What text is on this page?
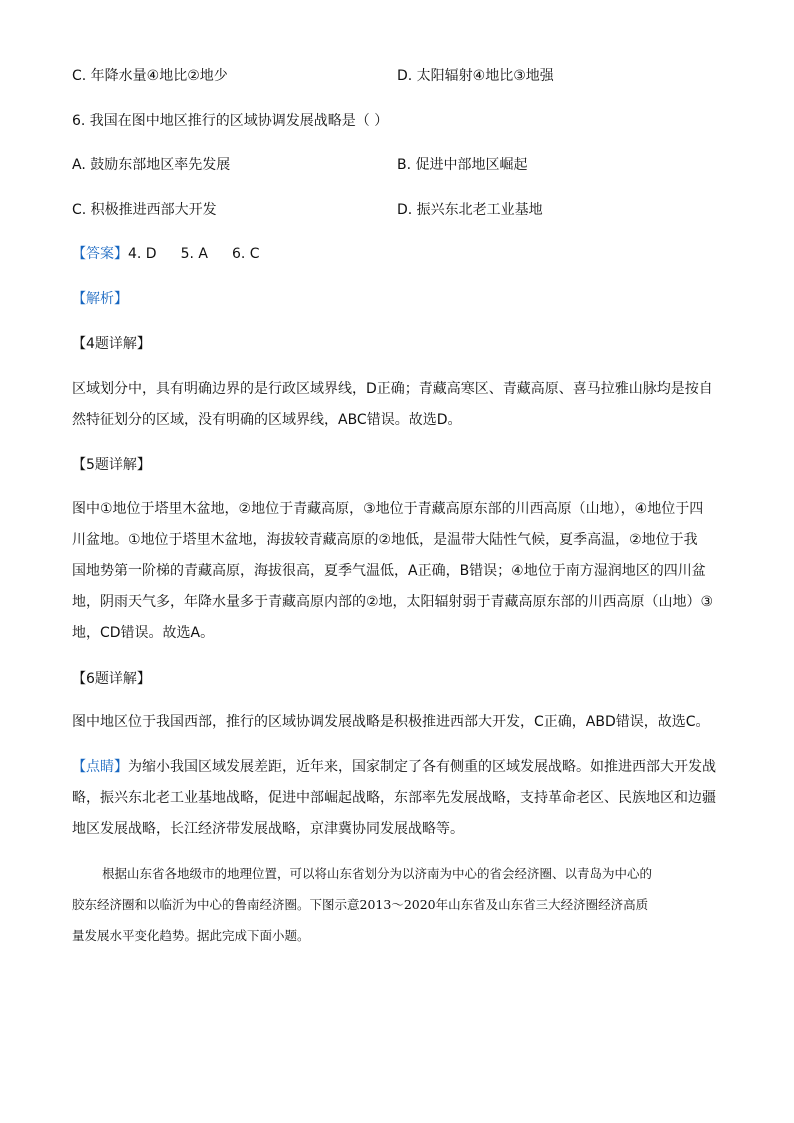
C. 年降水量④地比②地少	D. 太阳辐射④地比③地强
6. 我国在图中地区推行的区域协调发展战略是（ ）
A. 鼓励东部地区率先发展	B. 促进中部地区崛起
C. 积极推进西部大开发	D. 振兴东北老工业基地
【答案】4. D 5. A 6. C
【解析】
【4题详解】

区域划分中，具有明确边界的是行政区域界线，D正确；青藏高寒区、青藏高原、喜马拉雅山脉均是按自

然特征划分的区域，没有明确的区域界线，ABC错误。故选D。

【5题详解】

图中①地位于塔里木盆地，②地位于青藏高原，③地位于青藏高原东部的川西高原（山地），④地位于四

川盆地。①地位于塔里木盆地，海拔较青藏高原的②地低，是温带大陆性气候，夏季高温，②地位于我

国地势第一阶梯的青藏高原，海拔很高，夏季气温低，A正确，B错误；④地位于南方湿润地区的四川盆

地，阴雨天气多，年降水量多于青藏高原内部的②地，太阳辐射弱于青藏高原东部的川西高原（山地）③

地，CD错误。故选A。

【6题详解】

图中地区位于我国西部，推行的区域协调发展战略是积极推进西部大开发，C正确，ABD错误，故选C。

【点睛】为缩小我国区域发展差距，近年来，国家制定了各有侧重的区域发展战略。如推进西部大开发战

略，振兴东北老工业基地战略，促进中部崛起战略，东部率先发展战略，支持革命老区、民族地区和边疆

地区发展战略，长江经济带发展战略，京津冀协同发展战略等。

根据山东省各地级市的地理位置，可以将山东省划分为以济南为中心的省会经济圈、以青岛为中心的

胶东经济圈和以临沂为中心的鲁南经济圈。下图示意2013～2020年山东省及山东省三大经济圈经济高质

量发展水平变化趋势。据此完成下面小题。
